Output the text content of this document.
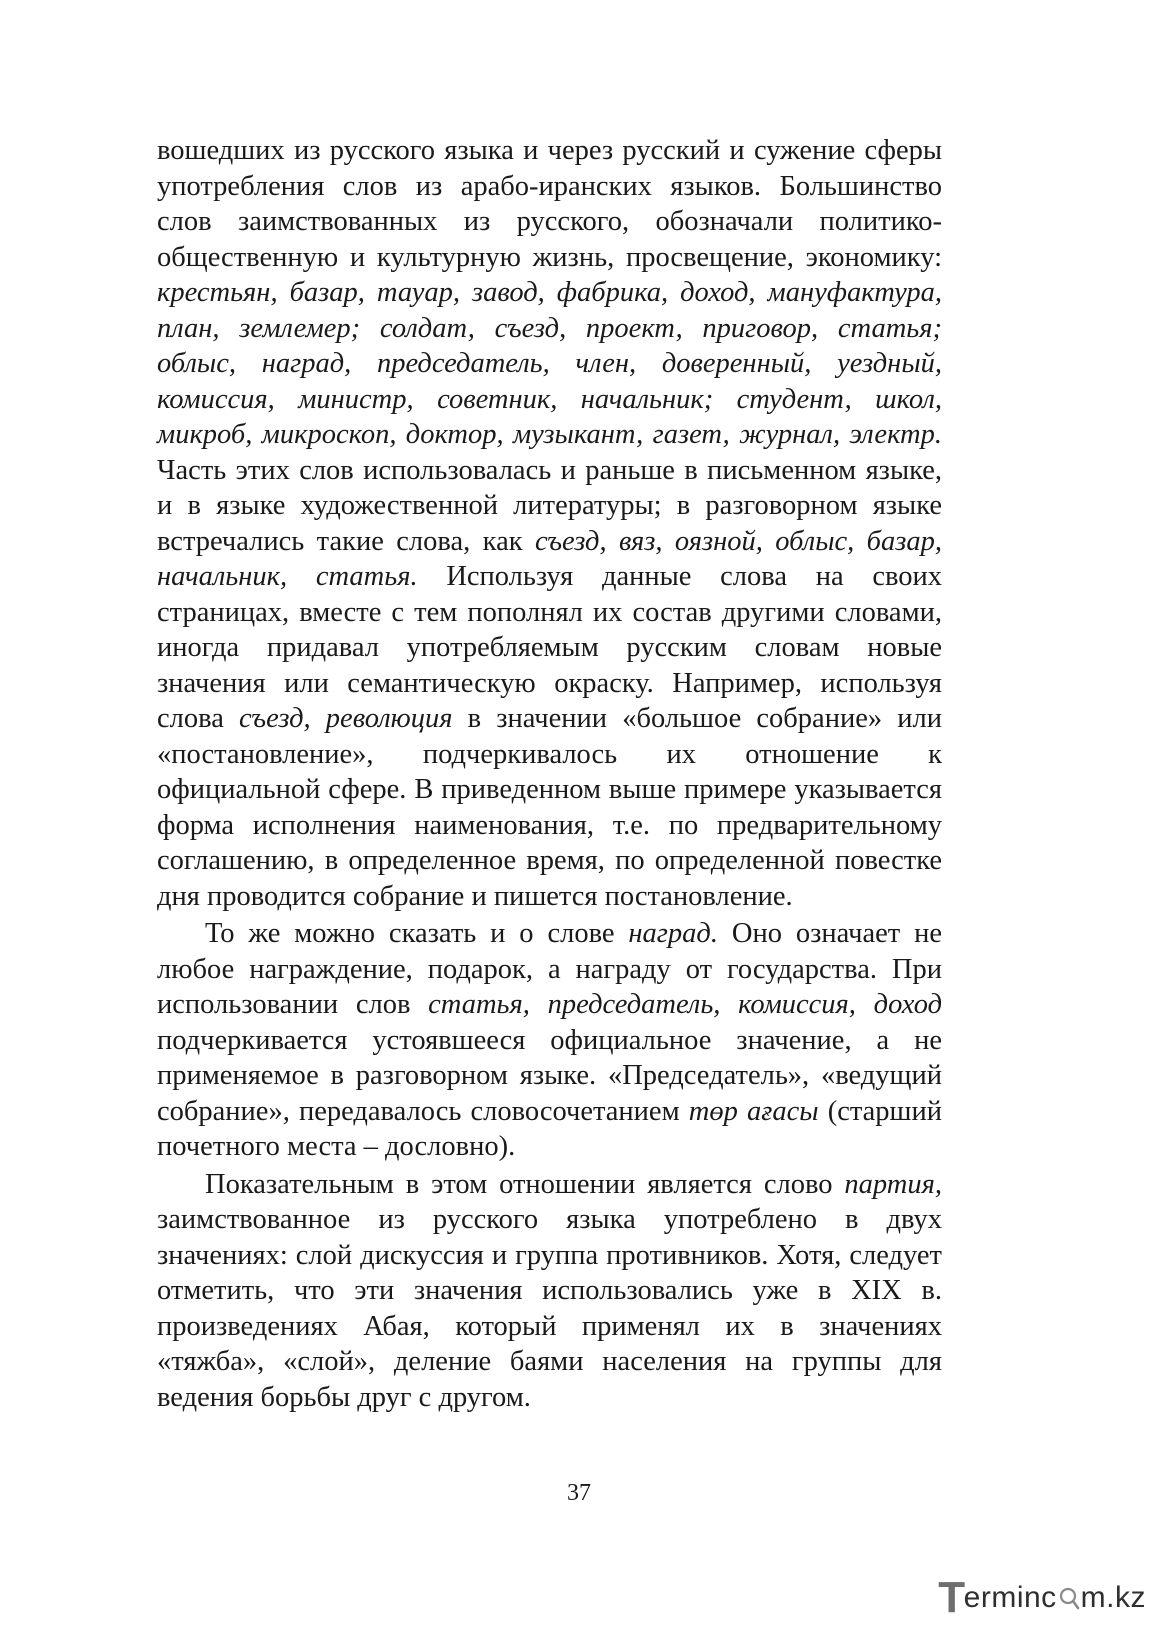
вошедших из русского языка и через русский и сужение сферы употребления слов из арабо-иранских языков. Большинство слов заимствованных из русского, обозначали политико-общественную и культурную жизнь, просвещение, экономику: крестьян, базар, тауар, завод, фабрика, доход, мануфактура, план, землемер; солдат, съезд, проект, приговор, статья; облыс, наград, председатель, член, доверенный, уездный, комиссия, министр, советник, начальник; студент, школ, микроб, микроскоп, доктор, музыкант, газет, журнал, электр. Часть этих слов использовалась и раньше в письменном языке, и в языке художественной литературы; в разговорном языке встречались такие слова, как съезд, вяз, оязной, облыс, базар, начальник, статья. Используя данные слова на своих страницах, вместе с тем пополнял их состав другими словами, иногда придавал употребляемым русским словам новые значения или семантическую окраску. Например, используя слова съезд, революция в значении «большое собрание» или «постановление», подчеркивалось их отношение к официальной сфере. В приведенном выше примере указывается форма исполнения наименования, т.е. по предварительному соглашению, в определенное время, по определенной повестке дня проводится собрание и пишется постановление.

То же можно сказать и о слове наград. Оно означает не любое награждение, подарок, а награду от государства. При использовании слов статья, председатель, комиссия, доход подчеркивается устоявшееся официальное значение, а не применяемое в разговорном языке. «Председатель», «ведущий собрание», передавалось словосочетанием төр ағасы (старший почетного места – дословно).

Показательным в этом отношении является слово партия, заимствованное из русского языка употреблено в двух значениях: слой дискуссия и группа противников. Хотя, следует отметить, что эти значения использовались уже в XIX в. произведениях Абая, который применял их в значениях «тяжба», «слой», деление баями населения на группы для ведения борьбы друг с другом.

37
T
erminc m.kz
